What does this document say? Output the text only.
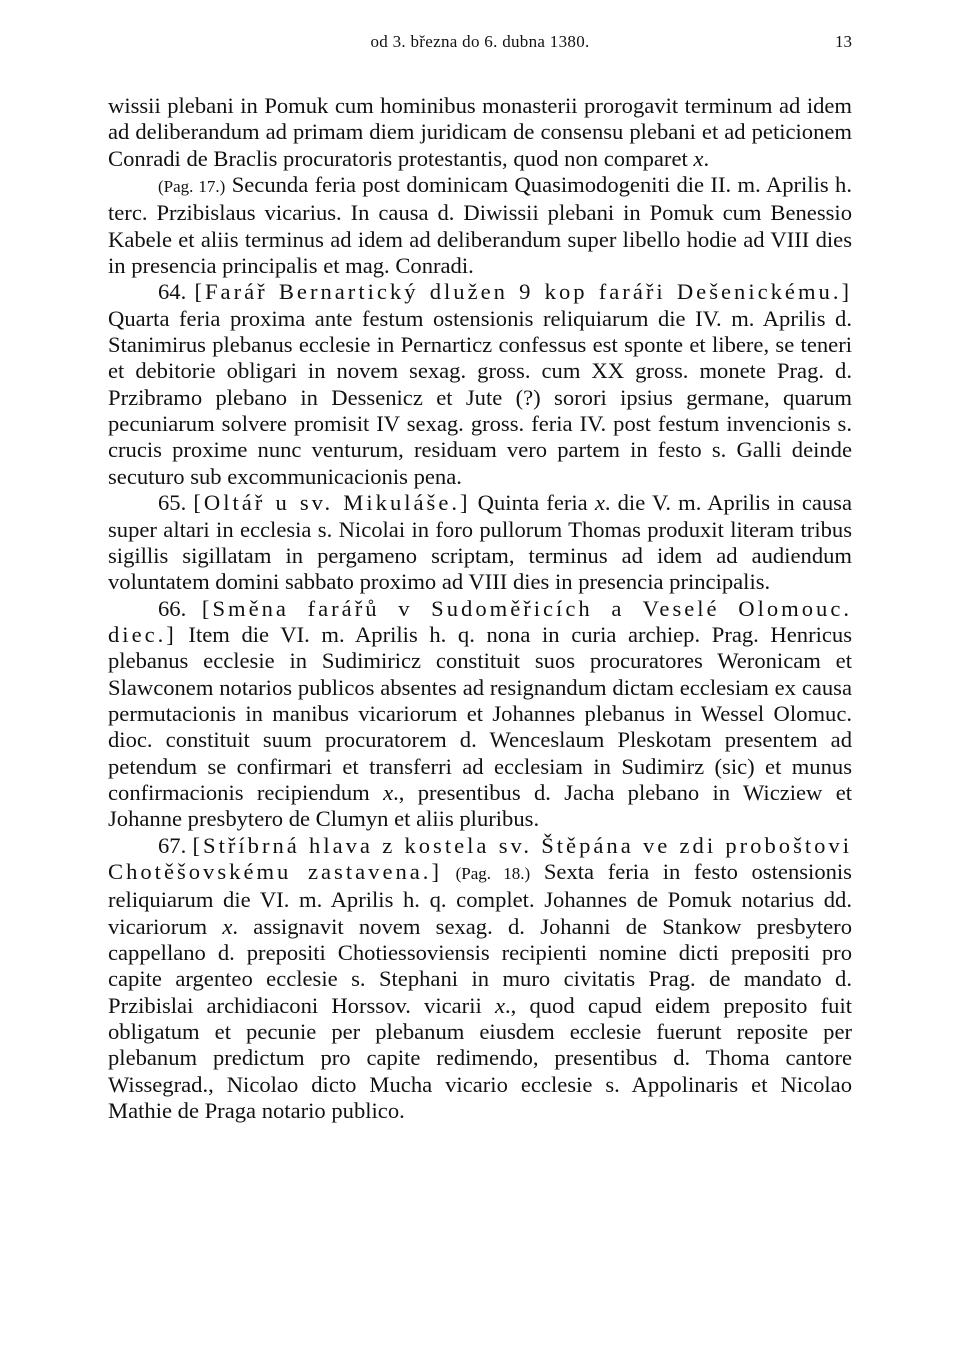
od 3. března do 6. dubna 1380.	13

wissii plebani in Pomuk cum hominibus monasterii prorogavit terminum ad idem ad deliberandum ad primam diem juridicam de consensu plebani et ad peticionem Conradi de Braclis procuratoris protestantis, quod non comparet x.

(Pag. 17.) Secunda feria post dominicam Quasimodogeniti die II. m. Aprilis h. terc. Przibislaus vicarius. In causa d. Diwissii plebani in Pomuk cum Benessio Kabele et aliis terminus ad idem ad deliberandum super libello hodie ad VIII dies in presencia principalis et mag. Conradi.

64. [Farář Bernartický dlužen 9 kop faráři Dešenickému.] Quarta feria proxima ante festum ostensionis reliquiarum die IV. m. Aprilis d. Stanimirus plebanus ecclesie in Pernarticz confessus est sponte et libere, se teneri et debitorie obligari in novem sexag. gross. cum XX gross. monete Prag. d. Przibramo plebano in Dessenicz et Jute (?) sorori ipsius germane, quarum pecuniarum solvere promisit IV sexag. gross. feria IV. post festum invencionis s. crucis proxime nunc venturum, residuam vero partem in festo s. Galli deinde secuturo sub excommunicacionis pena.

65. [Oltář u sv. Mikuláše.] Quinta feria x. die V. m. Aprilis in causa super altari in ecclesia s. Nicolai in foro pullorum Thomas produxit literam tribus sigillis sigillatam in pergameno scriptam, terminus ad idem ad audiendum voluntatem domini sabbato proximo ad VIII dies in presencia principalis.

66. [Směna farářů v Sudoměřicích a Veselé Olomouc. diec.] Item die VI. m. Aprilis h. q. nona in curia archiep. Prag. Henricus plebanus ecclesie in Sudimiricz constituit suos procuratores Weronicam et Slawconem notarios publicos absentes ad resignandum dictam ecclesiam ex causa permutacionis in manibus vicariorum et Johannes plebanus in Wessel Olomuc. dioc. constituit suum procuratorem d. Wenceslaum Pleskotam presentem ad petendum se confirmari et transferri ad ecclesiam in Sudimirz (sic) et munus confirmacionis recipiendum x., presentibus d. Jacha plebano in Wicziew et Johanne presbytero de Clumyn et aliis pluribus.

67. [Stříbrná hlava z kostela sv. Štěpána ve zdi proboštovi Chotěšovskému zastavena.] (Pag. 18.) Sexta feria in festo ostensionis reliquiarum die VI. m. Aprilis h. q. complet. Johannes de Pomuk notarius dd. vicariorum x. assignavit novem sexag. d. Johanni de Stankow presbytero cappellano d. prepositi Chotiessoviensis recipienti nomine dicti prepositi pro capite argenteo ecclesie s. Stephani in muro civitatis Prag. de mandato d. Przibislai archidiaconi Horssov. vicarii x., quod capud eidem preposito fuit obligatum et pecunie per plebanum eiusdem ecclesie fuerunt reposite per plebanum predictum pro capite redimendo, presentibus d. Thoma cantore Wissegrad., Nicolao dicto Mucha vicario ecclesie s. Appolinaris et Nicolao Mathie de Praga notario publico.
